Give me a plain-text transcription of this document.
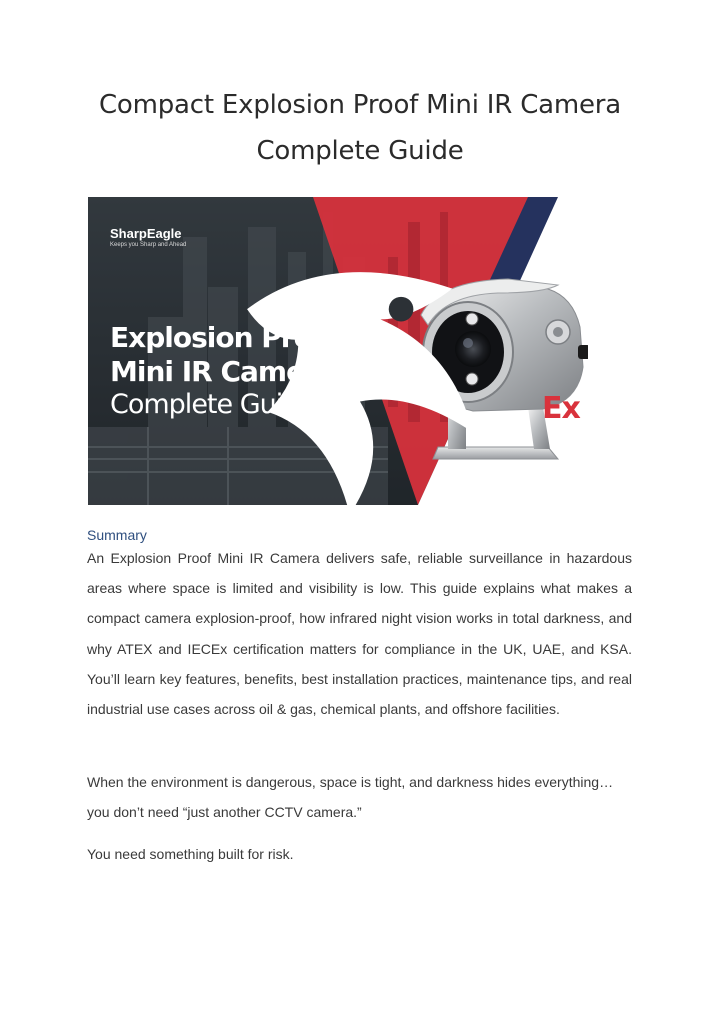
Compact Explosion Proof Mini IR Camera
Complete Guide
SharpEagle
Keeps you Sharp and Ahead
Explosion Proof
Mini IR Camera
Complete Guide	Ex
Summary

An Explosion Proof Mini IR Camera delivers safe, reliable surveillance in hazardous areas where space is limited and visibility is low. This guide explains what makes a compact camera explosion-proof, how infrared night vision works in total darkness, and why ATEX and IECEx certification matters for compliance in the UK, UAE, and KSA. You’ll learn key features, benefits, best installation practices, maintenance tips, and real industrial use cases across oil & gas, chemical plants, and offshore facilities.

When the environment is dangerous, space is tight, and darkness hides everything… you don’t need “just another CCTV camera.”

You need something built for risk.
